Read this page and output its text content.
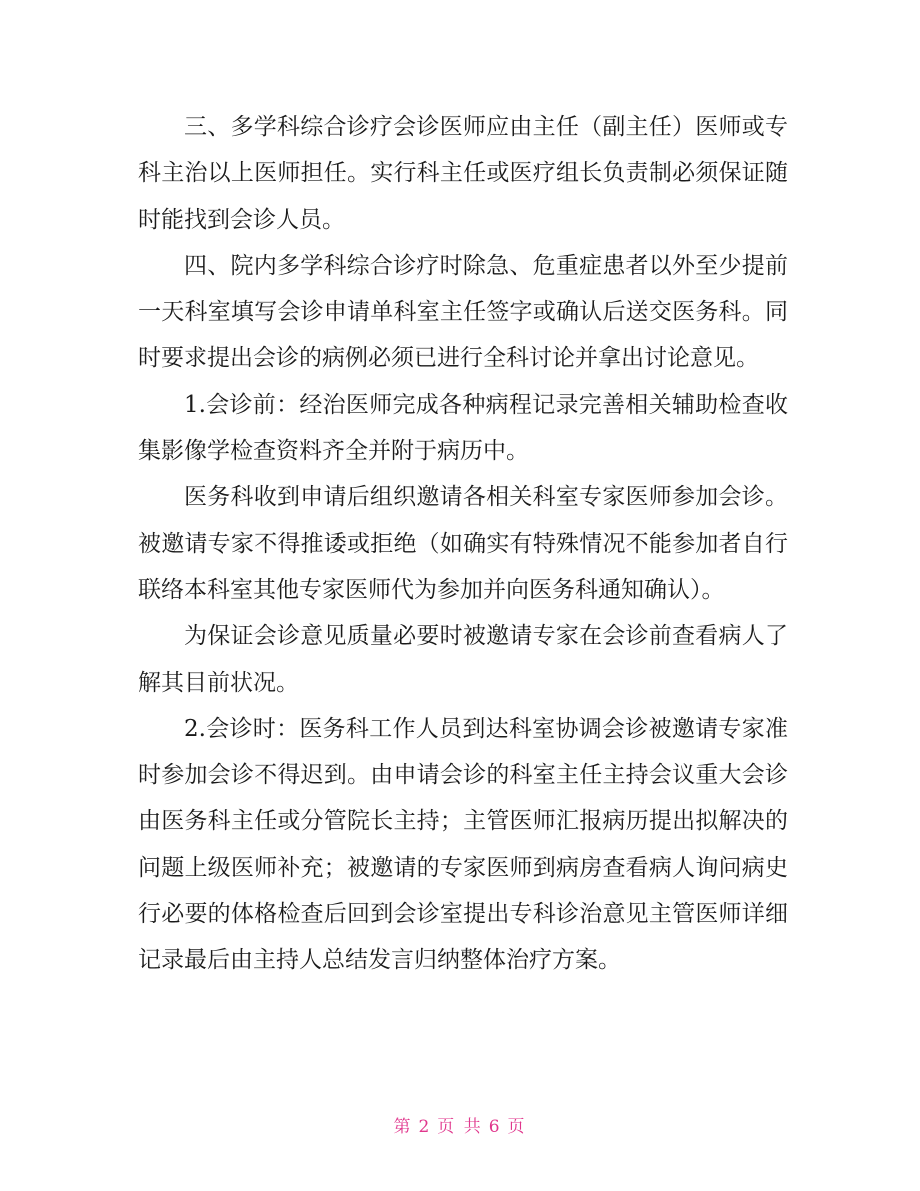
三、多学科综合诊疗会诊医师应由主任（副主任）医师或专科主治以上医师担任。实行科主任或医疗组长负责制必须保证随时能找到会诊人员。

四、院内多学科综合诊疗时除急、危重症患者以外至少提前一天科室填写会诊申请单科室主任签字或确认后送交医务科。同时要求提出会诊的病例必须已进行全科讨论并拿出讨论意见。

1.会诊前：经治医师完成各种病程记录完善相关辅助检查收集影像学检查资料齐全并附于病历中。

医务科收到申请后组织邀请各相关科室专家医师参加会诊。被邀请专家不得推诿或拒绝（如确实有特殊情况不能参加者自行联络本科室其他专家医师代为参加并向医务科通知确认）。

为保证会诊意见质量必要时被邀请专家在会诊前查看病人了解其目前状况。

2.会诊时：医务科工作人员到达科室协调会诊被邀请专家准时参加会诊不得迟到。由申请会诊的科室主任主持会议重大会诊由医务科主任或分管院长主持；主管医师汇报病历提出拟解决的问题上级医师补充；被邀请的专家医师到病房查看病人询问病史行必要的体格检查后回到会诊室提出专科诊治意见主管医师详细记录最后由主持人总结发言归纳整体治疗方案。

第 2 页 共 6 页
